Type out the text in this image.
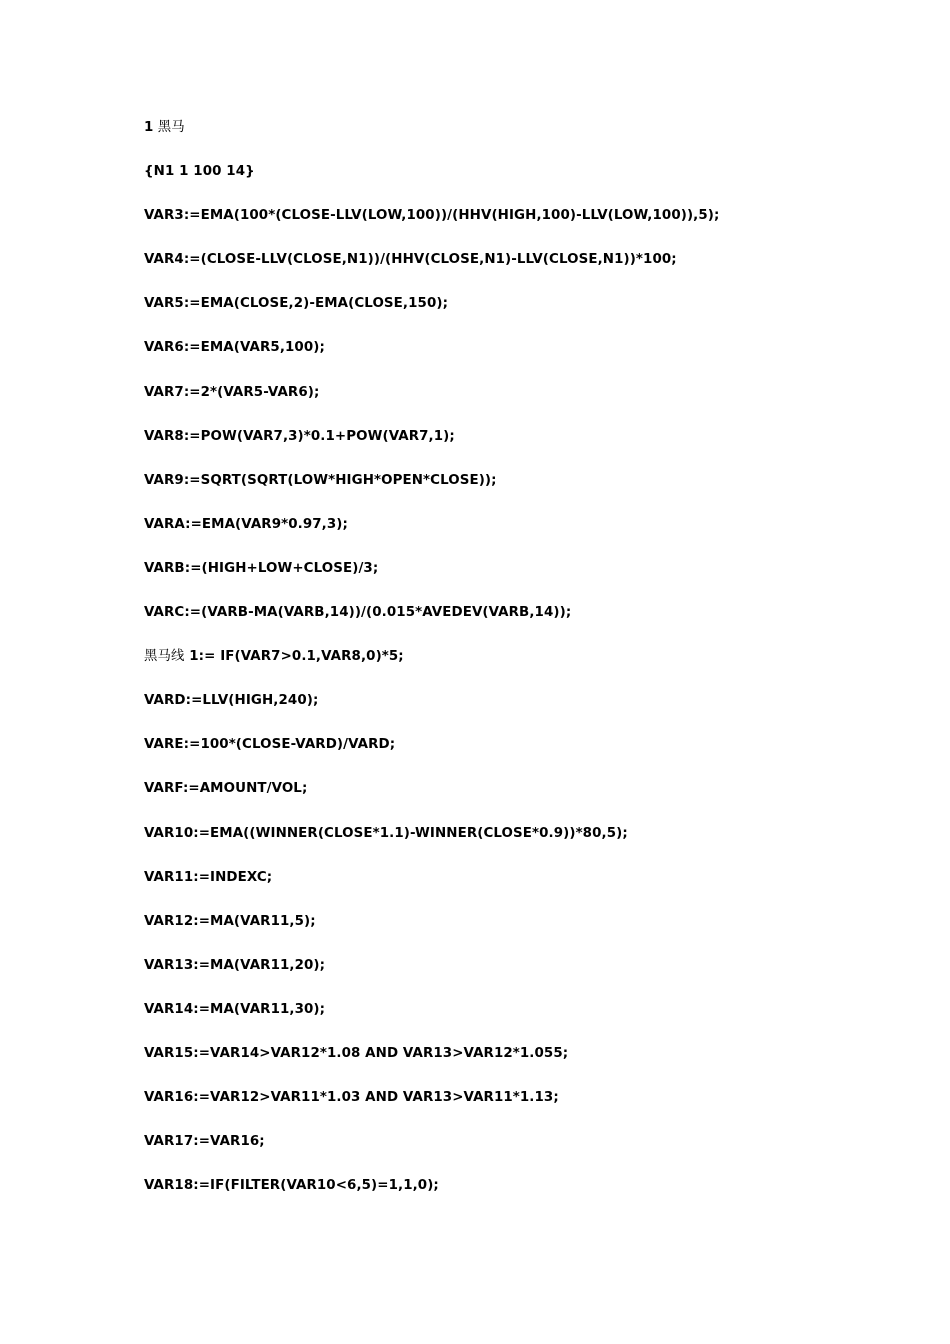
1 黑马
{N1 1 100 14}
VAR3:=EMA(100*(CLOSE-LLV(LOW,100))/(HHV(HIGH,100)-LLV(LOW,100)),5);
VAR4:=(CLOSE-LLV(CLOSE,N1))/(HHV(CLOSE,N1)-LLV(CLOSE,N1))*100;
VAR5:=EMA(CLOSE,2)-EMA(CLOSE,150);
VAR6:=EMA(VAR5,100);
VAR7:=2*(VAR5-VAR6);
VAR8:=POW(VAR7,3)*0.1+POW(VAR7,1);
VAR9:=SQRT(SQRT(LOW*HIGH*OPEN*CLOSE));
VARA:=EMA(VAR9*0.97,3);
VARB:=(HIGH+LOW+CLOSE)/3;
VARC:=(VARB-MA(VARB,14))/(0.015*AVEDEV(VARB,14));
黑马线 1:= IF(VAR7>0.1,VAR8,0)*5;
VARD:=LLV(HIGH,240);
VARE:=100*(CLOSE-VARD)/VARD;
VARF:=AMOUNT/VOL;
VAR10:=EMA((WINNER(CLOSE*1.1)-WINNER(CLOSE*0.9))*80,5);
VAR11:=INDEXC;
VAR12:=MA(VAR11,5);
VAR13:=MA(VAR11,20);
VAR14:=MA(VAR11,30);
VAR15:=VAR14>VAR12*1.08 AND VAR13>VAR12*1.055;
VAR16:=VAR12>VAR11*1.03 AND VAR13>VAR11*1.13;
VAR17:=VAR16;
VAR18:=IF(FILTER(VAR10<6,5)=1,1,0);
